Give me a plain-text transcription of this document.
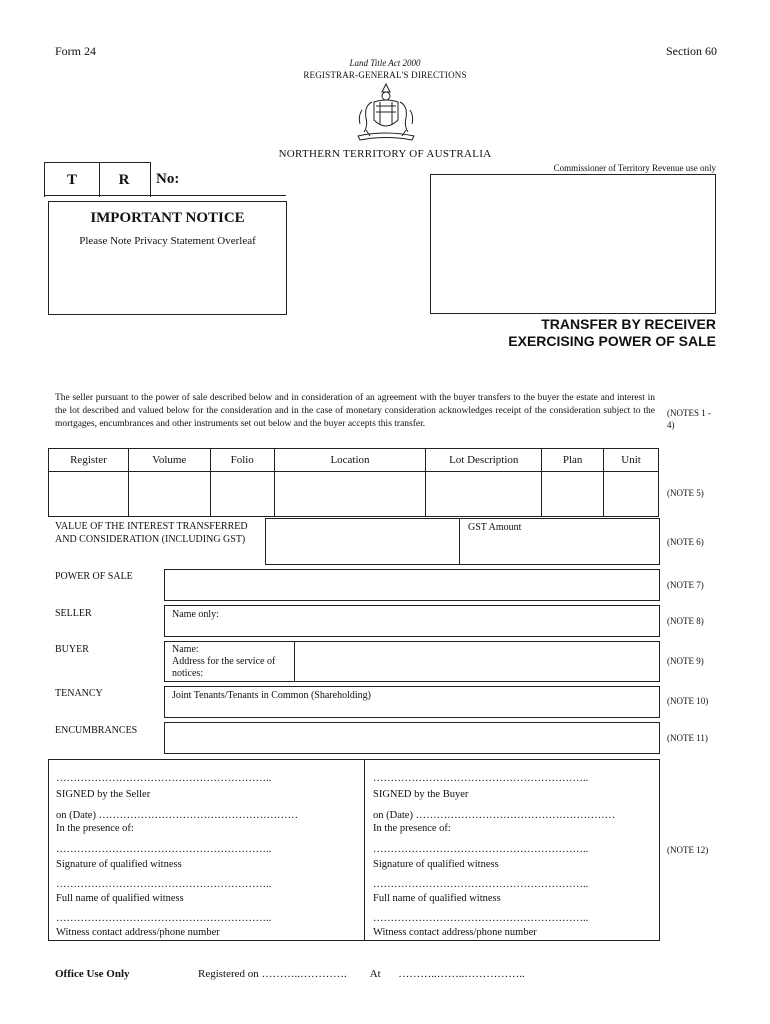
Form 24	Section 60
Land Title Act 2000
REGISTRAR-GENERAL'S DIRECTIONS
NORTHERN TERRITORY OF AUSTRALIA
T	R	No:
IMPORTANT NOTICE
Please Note Privacy Statement Overleaf
Commissioner of Territory Revenue use only
TRANSFER BY RECEIVER
EXERCISING POWER OF SALE
The seller pursuant to the power of sale described below and in consideration of an agreement with the buyer transfers to the buyer the estate and interest in the lot described and valued below for the consideration and in the case of monetary consideration acknowledges receipt of the consideration subject to the mortgages, encumbrances and other instruments set out below and the buyer accepts this transfer.
(NOTES 1 - 4)
Register	Volume	Folio	Location	Lot Description	Plan	Unit

(NOTE 5)
VALUE OF THE INTEREST TRANSFERRED AND CONSIDERATION (INCLUDING GST)
GST Amount
(NOTE 6)
POWER OF SALE
(NOTE 7)
SELLER	Name only:
(NOTE 8)
BUYER	Name:
Address for the service of notices:
(NOTE 9)
TENANCY	Joint Tenants/Tenants in Common (Shareholding)	(NOTE 10)
ENCUMBRANCES
(NOTE 11)
……………………………………………………..
SIGNED by the Seller
on (Date) …………………………………………………
In the presence of:
……………………………………………………..
Signature of qualified witness
……………………………………………………..
Full name of qualified witness
……………………………………………………..
Witness contact address/phone number
……………………………………………………..
SIGNED by the Buyer
on (Date) …………………………………………………
In the presence of:
……………………………………………………..
Signature of qualified witness
……………………………………………………..
Full name of qualified witness
……………………………………………………..
Witness contact address/phone number
(NOTE 12)
Office Use Only	Registered on ………..…………. At ………..……..……………..
